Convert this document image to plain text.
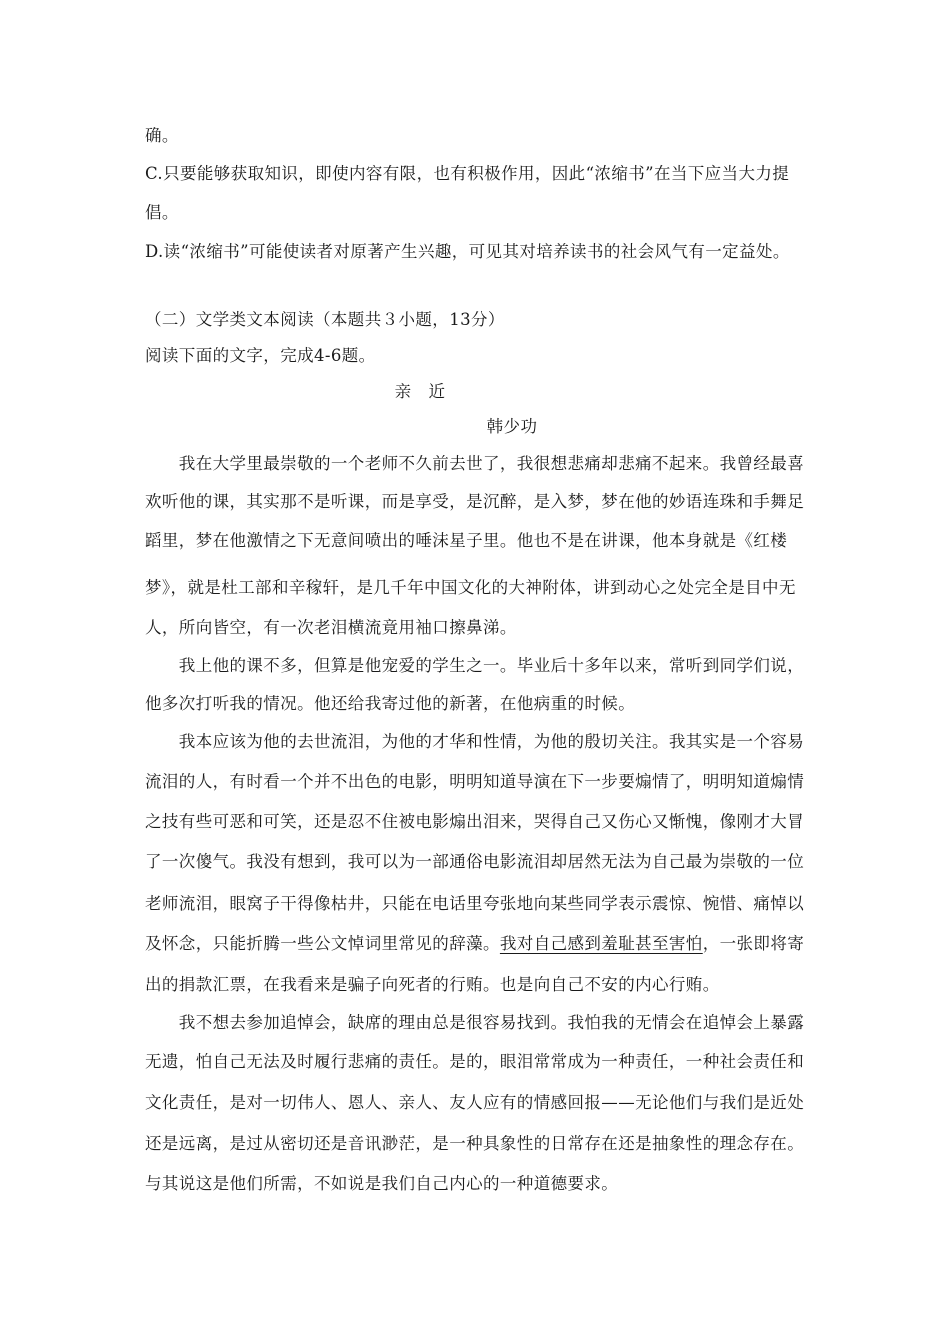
确。
C.只要能够获取知识，即使内容有限，也有积极作用，因此“浓缩书”在当下应当大力提
倡。
D.读“浓缩书”可能使读者对原著产生兴趣，可见其对培养读书的社会风气有一定益处。
（二）文学类文本阅读（本题共３小题，13分）
阅读下面的文字，完成4-6题。
亲　近
韩少功
　　我在大学里最崇敬的一个老师不久前去世了，我很想悲痛却悲痛不起来。我曾经最喜
欢听他的课，其实那不是听课，而是享受，是沉醉，是入梦，梦在他的妙语连珠和手舞足
蹈里，梦在他激情之下无意间喷出的唾沫星子里。他也不是在讲课，他本身就是《红楼
梦》，就是杜工部和辛稼轩，是几千年中国文化的大神附体，讲到动心之处完全是目中无
人，所向皆空，有一次老泪横流竟用袖口擦鼻涕。
　　我上他的课不多，但算是他宠爱的学生之一。毕业后十多年以来，常听到同学们说，
他多次打听我的情况。他还给我寄过他的新著，在他病重的时候。
　　我本应该为他的去世流泪，为他的才华和性情，为他的殷切关注。我其实是一个容易
流泪的人，有时看一个并不出色的电影，明明知道导演在下一步要煽情了，明明知道煽情
之技有些可恶和可笑，还是忍不住被电影煽出泪来，哭得自己又伤心又惭愧，像刚才大冒
了一次傻气。我没有想到，我可以为一部通俗电影流泪却居然无法为自己最为崇敬的一位
老师流泪，眼窝子干得像枯井，只能在电话里夸张地向某些同学表示震惊、惋惜、痛悼以
及怀念，只能折腾一些公文悼词里常见的辞藻。我对自己感到羞耻甚至害怕，一张即将寄
出的捐款汇票，在我看来是骗子向死者的行贿。也是向自己不安的内心行贿。
　　我不想去参加追悼会，缺席的理由总是很容易找到。我怕我的无情会在追悼会上暴露
无遗，怕自己无法及时履行悲痛的责任。是的，眼泪常常成为一种责任，一种社会责任和
文化责任，是对一切伟人、恩人、亲人、友人应有的情感回报——无论他们与我们是近处
还是远离，是过从密切还是音讯渺茫，是一种具象性的日常存在还是抽象性的理念存在。
与其说这是他们所需，不如说是我们自己内心的一种道德要求。
